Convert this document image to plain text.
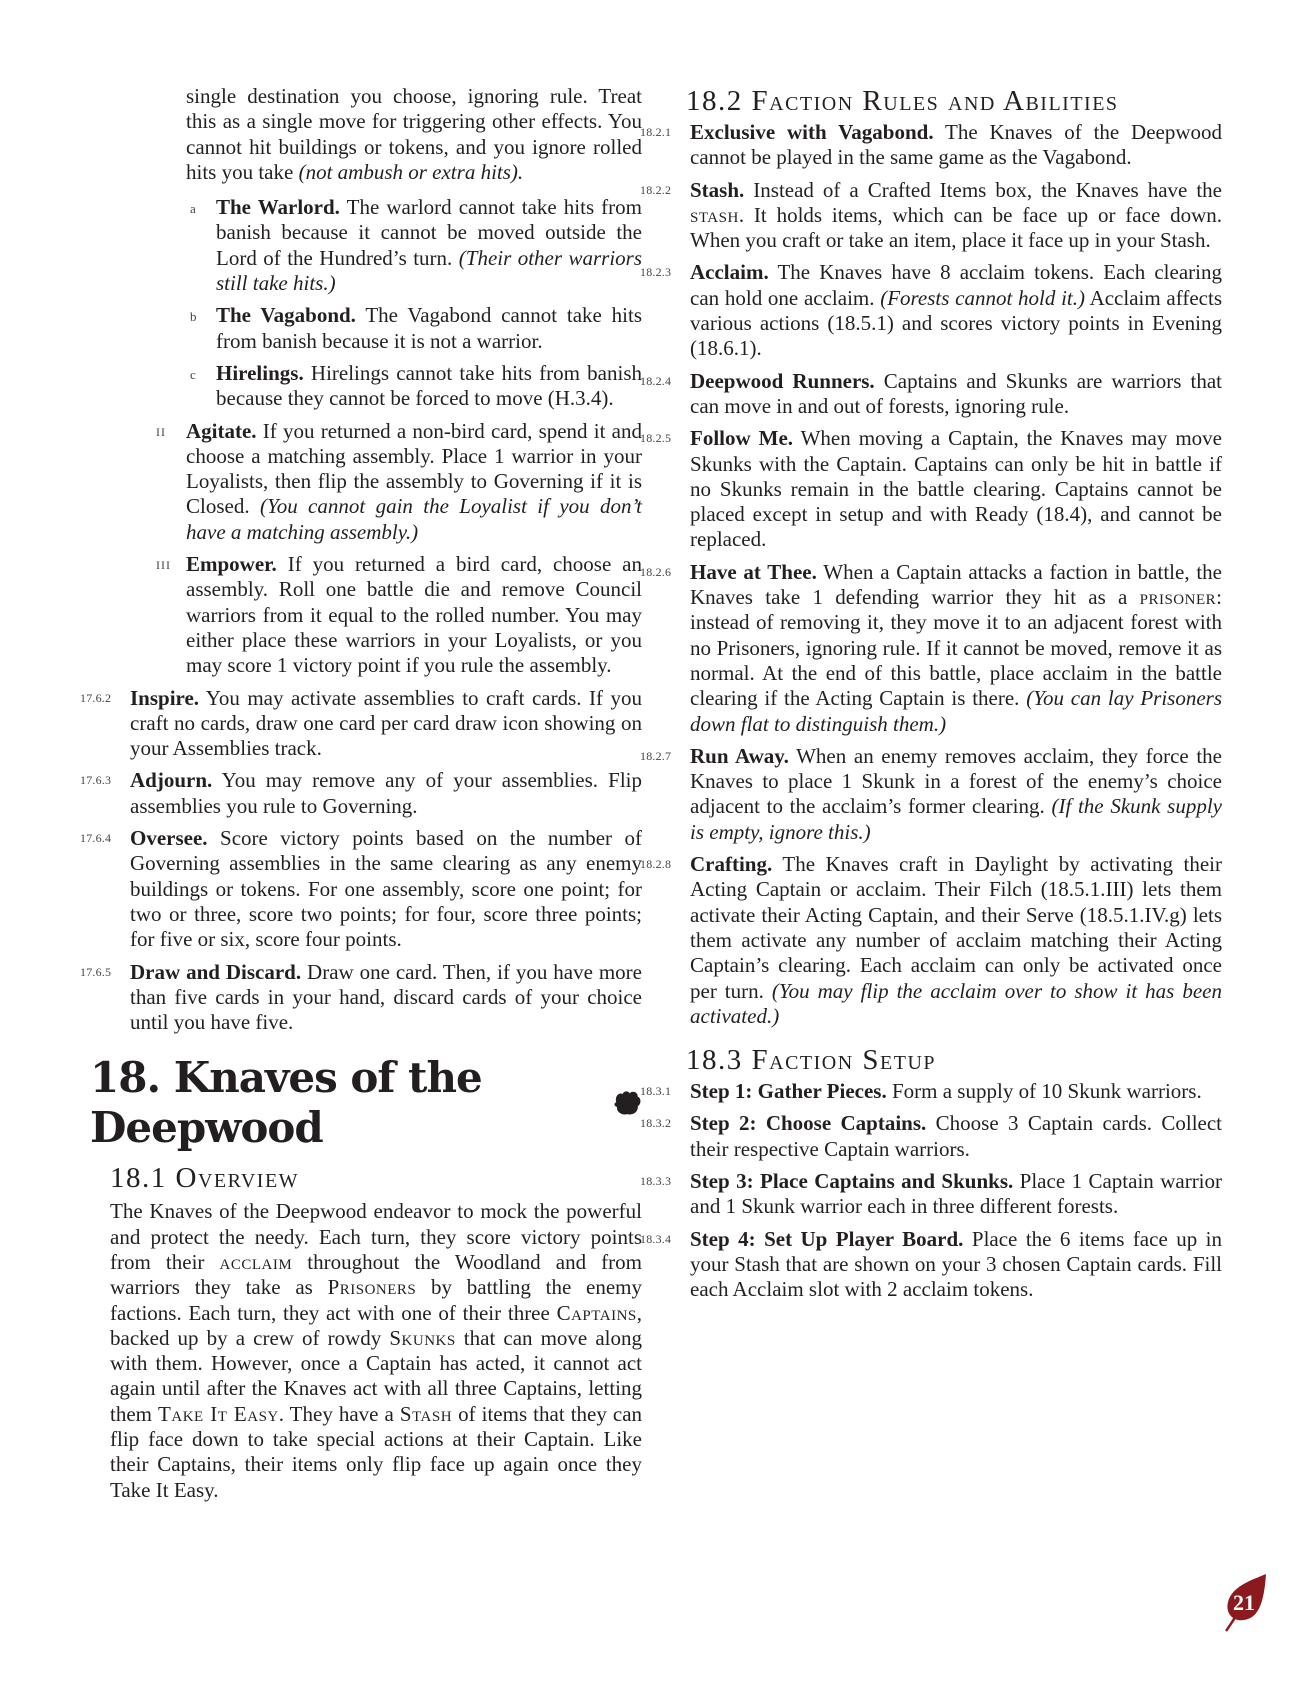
single destination you choose, ignoring rule. Treat this as a single move for triggering other effects. You cannot hit buildings or tokens, and you ignore rolled hits you take (not ambush or extra hits).

a The Warlord. The warlord cannot take hits from banish because it cannot be moved outside the Lord of the Hundred’s turn. (Their other warriors still take hits.)

b The Vagabond. The Vagabond cannot take hits from banish because it is not a warrior.

c Hirelings. Hirelings cannot take hits from banish because they cannot be forced to move (H.3.4).

II Agitate. If you returned a non-bird card, spend it and choose a matching assembly. Place 1 warrior in your Loyalists, then flip the assembly to Governing if it is Closed. (You cannot gain the Loyalist if you don’t have a matching assembly.)

III Empower. If you returned a bird card, choose an assembly. Roll one battle die and remove Council warriors from it equal to the rolled number. You may either place these warriors in your Loyalists, or you may score 1 victory point if you rule the assembly.

17.6.2 Inspire. You may activate assemblies to craft cards. If you craft no cards, draw one card per card draw icon showing on your Assemblies track.

17.6.3 Adjourn. You may remove any of your assemblies. Flip assemblies you rule to Governing.

17.6.4 Oversee. Score victory points based on the number of Governing assemblies in the same clearing as any enemy buildings or tokens. For one assembly, score one point; for two or three, score two points; for four, score three points; for five or six, score four points.

17.6.5 Draw and Discard. Draw one card. Then, if you have more than five cards in your hand, discard cards of your choice until you have five.

18. Knaves of the Deepwood
18.1 Overview

The Knaves of the Deepwood endeavor to mock the powerful and protect the needy. Each turn, they score victory points from their acclaim throughout the Woodland and from warriors they take as Prisoners by battling the enemy factions. Each turn, they act with one of their three Captains, backed up by a crew of rowdy Skunks that can move along with them. However, once a Captain has acted, it cannot act again until after the Knaves act with all three Captains, letting them Take It Easy. They have a Stash of items that they can flip face down to take special actions at their Captain. Like their Captains, their items only flip face up again once they Take It Easy.

18.2 Faction Rules and Abilities
18.2.1 Exclusive with Vagabond. The Knaves of the Deepwood cannot be played in the same game as the Vagabond.

18.2.2 Stash. Instead of a Crafted Items box, the Knaves have the stash. It holds items, which can be face up or face down. When you craft or take an item, place it face up in your Stash.

18.2.3 Acclaim. The Knaves have 8 acclaim tokens. Each clearing can hold one acclaim. (Forests cannot hold it.) Acclaim affects various actions (18.5.1) and scores victory points in Evening (18.6.1).

18.2.4 Deepwood Runners. Captains and Skunks are warriors that can move in and out of forests, ignoring rule.

18.2.5 Follow Me. When moving a Captain, the Knaves may move Skunks with the Captain. Captains can only be hit in battle if no Skunks remain in the battle clearing. Captains cannot be placed except in setup and with Ready (18.4), and cannot be replaced.

18.2.6 Have at Thee. When a Captain attacks a faction in battle, the Knaves take 1 defending warrior they hit as a prisoner: instead of removing it, they move it to an adjacent forest with no Prisoners, ignoring rule. If it cannot be moved, remove it as normal. At the end of this battle, place acclaim in the battle clearing if the Acting Captain is there. (You can lay Prisoners down flat to distinguish them.)

18.2.7 Run Away. When an enemy removes acclaim, they force the Knaves to place 1 Skunk in a forest of the enemy’s choice adjacent to the acclaim’s former clearing. (If the Skunk supply is empty, ignore this.)

18.2.8 Crafting. The Knaves craft in Daylight by activating their Acting Captain or acclaim. Their Filch (18.5.1.III) lets them activate their Acting Captain, and their Serve (18.5.1.IV.g) lets them activate any number of acclaim matching their Acting Captain’s clearing. Each acclaim can only be activated once per turn. (You may flip the acclaim over to show it has been activated.)

18.3 Faction Setup
18.3.1 Step 1: Gather Pieces. Form a supply of 10 Skunk warriors.

18.3.2 Step 2: Choose Captains. Choose 3 Captain cards. Collect their respective Captain warriors.

18.3.3 Step 3: Place Captains and Skunks. Place 1 Captain warrior and 1 Skunk warrior each in three different forests.

18.3.4 Step 4: Set Up Player Board. Place the 6 items face up in your Stash that are shown on your 3 chosen Captain cards. Fill each Acclaim slot with 2 acclaim tokens.

21
